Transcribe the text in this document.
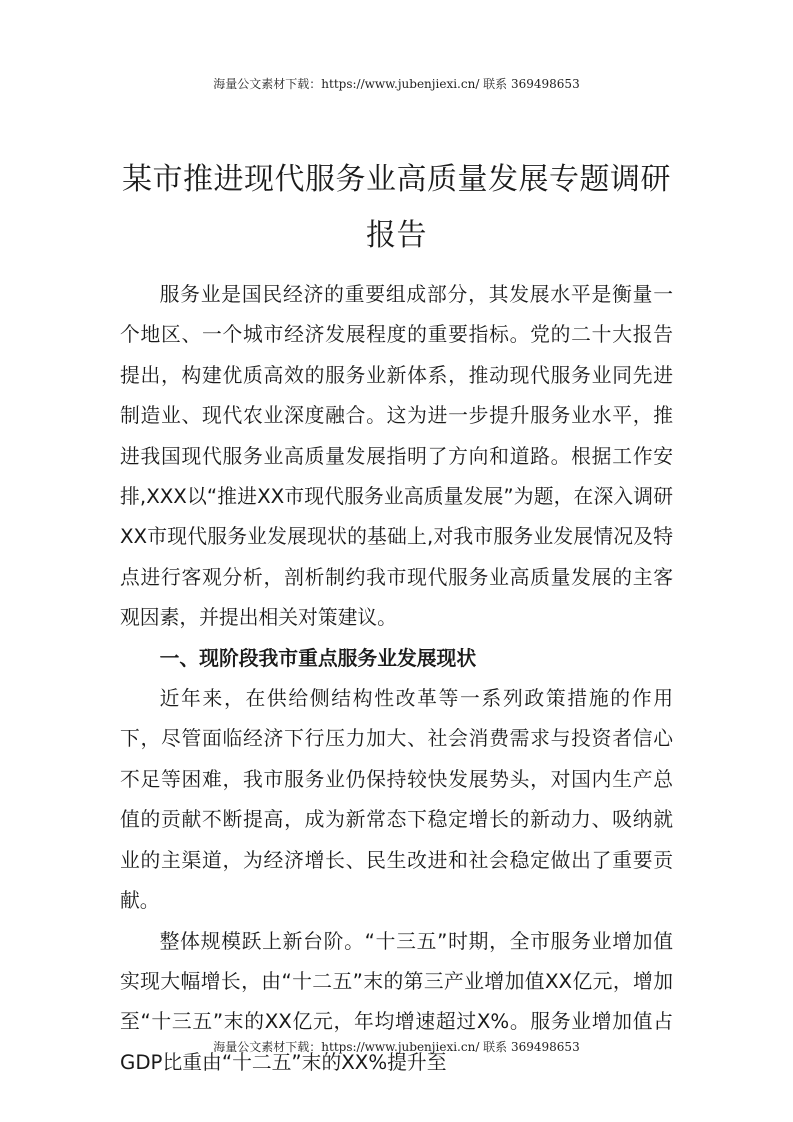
海量公文素材下载：https://www.jubenjiexi.cn/ 联系 369498653
某市推进现代服务业高质量发展专题调研报告

服务业是国民经济的重要组成部分，其发展水平是衡量一个地区、一个城市经济发展程度的重要指标。党的二十大报告提出，构建优质高效的服务业新体系，推动现代服务业同先进制造业、现代农业深度融合。这为进一步提升服务业水平，推进我国现代服务业高质量发展指明了方向和道路。根据工作安排,XXX以“推进XX市现代服务业高质量发展”为题，在深入调研XX市现代服务业发展现状的基础上,对我市服务业发展情况及特点进行客观分析，剖析制约我市现代服务业高质量发展的主客观因素，并提出相关对策建议。

一、现阶段我市重点服务业发展现状

近年来，在供给侧结构性改革等一系列政策措施的作用下，尽管面临经济下行压力加大、社会消费需求与投资者信心不足等困难，我市服务业仍保持较快发展势头，对国内生产总值的贡献不断提高，成为新常态下稳定增长的新动力、吸纳就业的主渠道，为经济增长、民生改进和社会稳定做出了重要贡献。

整体规模跃上新台阶。“十三五”时期，全市服务业增加值实现大幅增长，由“十二五”末的第三产业增加值XX亿元，增加至“十三五”末的XX亿元，年均增速超过X%。服务业增加值占GDP比重由“十二五”末的XX%提升至

海量公文素材下载：https://www.jubenjiexi.cn/ 联系 369498653
